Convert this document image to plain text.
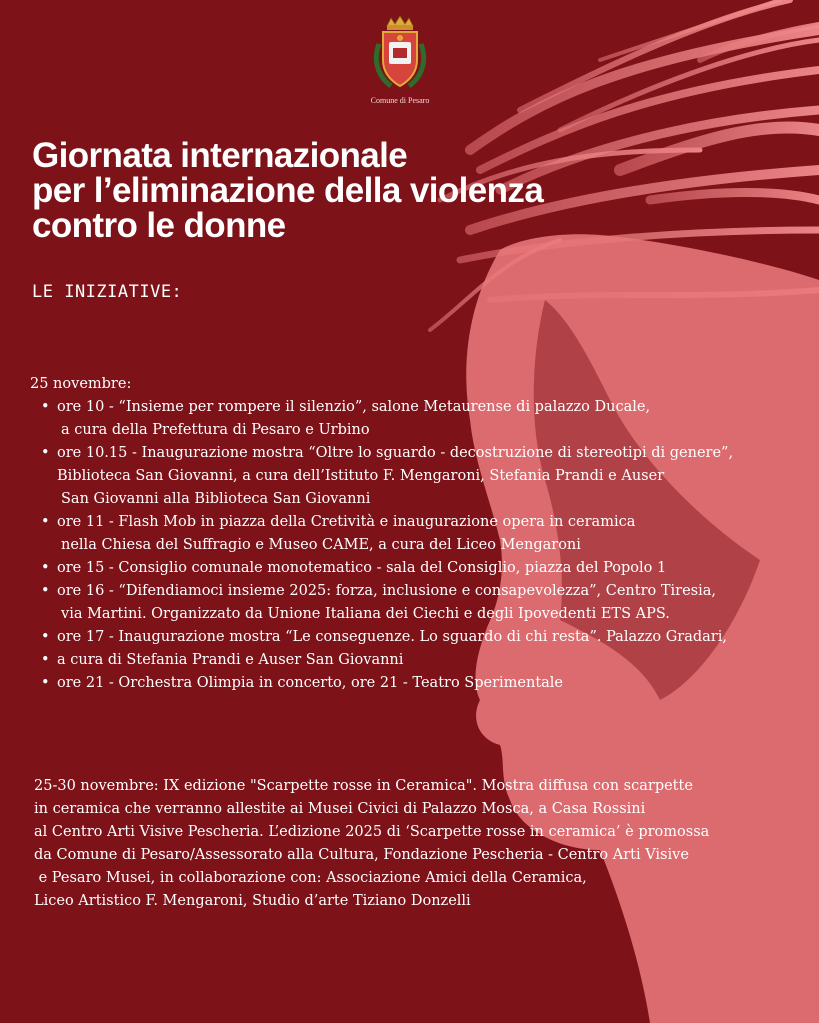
Comune di Pesaro
Giornata internazionale
per l’eliminazione della violenza
contro le donne
LE INIZIATIVE:
25 novembre:
• ore 10 - “Insieme per rompere il silenzio”, salone Metaurense di palazzo Ducale,
a cura della Prefettura di Pesaro e Urbino
• ore 10.15 - Inaugurazione mostra “Oltre lo sguardo - decostruzione di stereotipi di genere”,
Biblioteca San Giovanni, a cura dell’Istituto F. Mengaroni, Stefania Prandi e Auser
San Giovanni alla Biblioteca San Giovanni
• ore 11 - Flash Mob in piazza della Cretività e inaugurazione opera in ceramica
nella Chiesa del Suffragio e Museo CAME, a cura del Liceo Mengaroni
• ore 15 - Consiglio comunale monotematico - sala del Consiglio, piazza del Popolo 1
• ore 16 - “Difendiamoci insieme 2025: forza, inclusione e consapevolezza”, Centro Tiresia,
via Martini. Organizzato da Unione Italiana dei Ciechi e degli Ipovedenti ETS APS.
• ore 17 - Inaugurazione mostra “Le conseguenze. Lo sguardo di chi resta”. Palazzo Gradari,
• a cura di Stefania Prandi e Auser San Giovanni
• ore 21 - Orchestra Olimpia in concerto, ore 21 - Teatro Sperimentale
25-30 novembre: IX edizione "Scarpette rosse in Ceramica". Mostra diffusa con scarpette
in ceramica che verranno allestite ai Musei Civici di Palazzo Mosca, a Casa Rossini
al Centro Arti Visive Pescheria. L’edizione 2025 di ‘Scarpette rosse in ceramica’ è promossa
da Comune di Pesaro/Assessorato alla Cultura, Fondazione Pescheria - Centro Arti Visive
e Pesaro Musei, in collaborazione con: Associazione Amici della Ceramica,
Liceo Artistico F. Mengaroni, Studio d’arte Tiziano Donzelli
